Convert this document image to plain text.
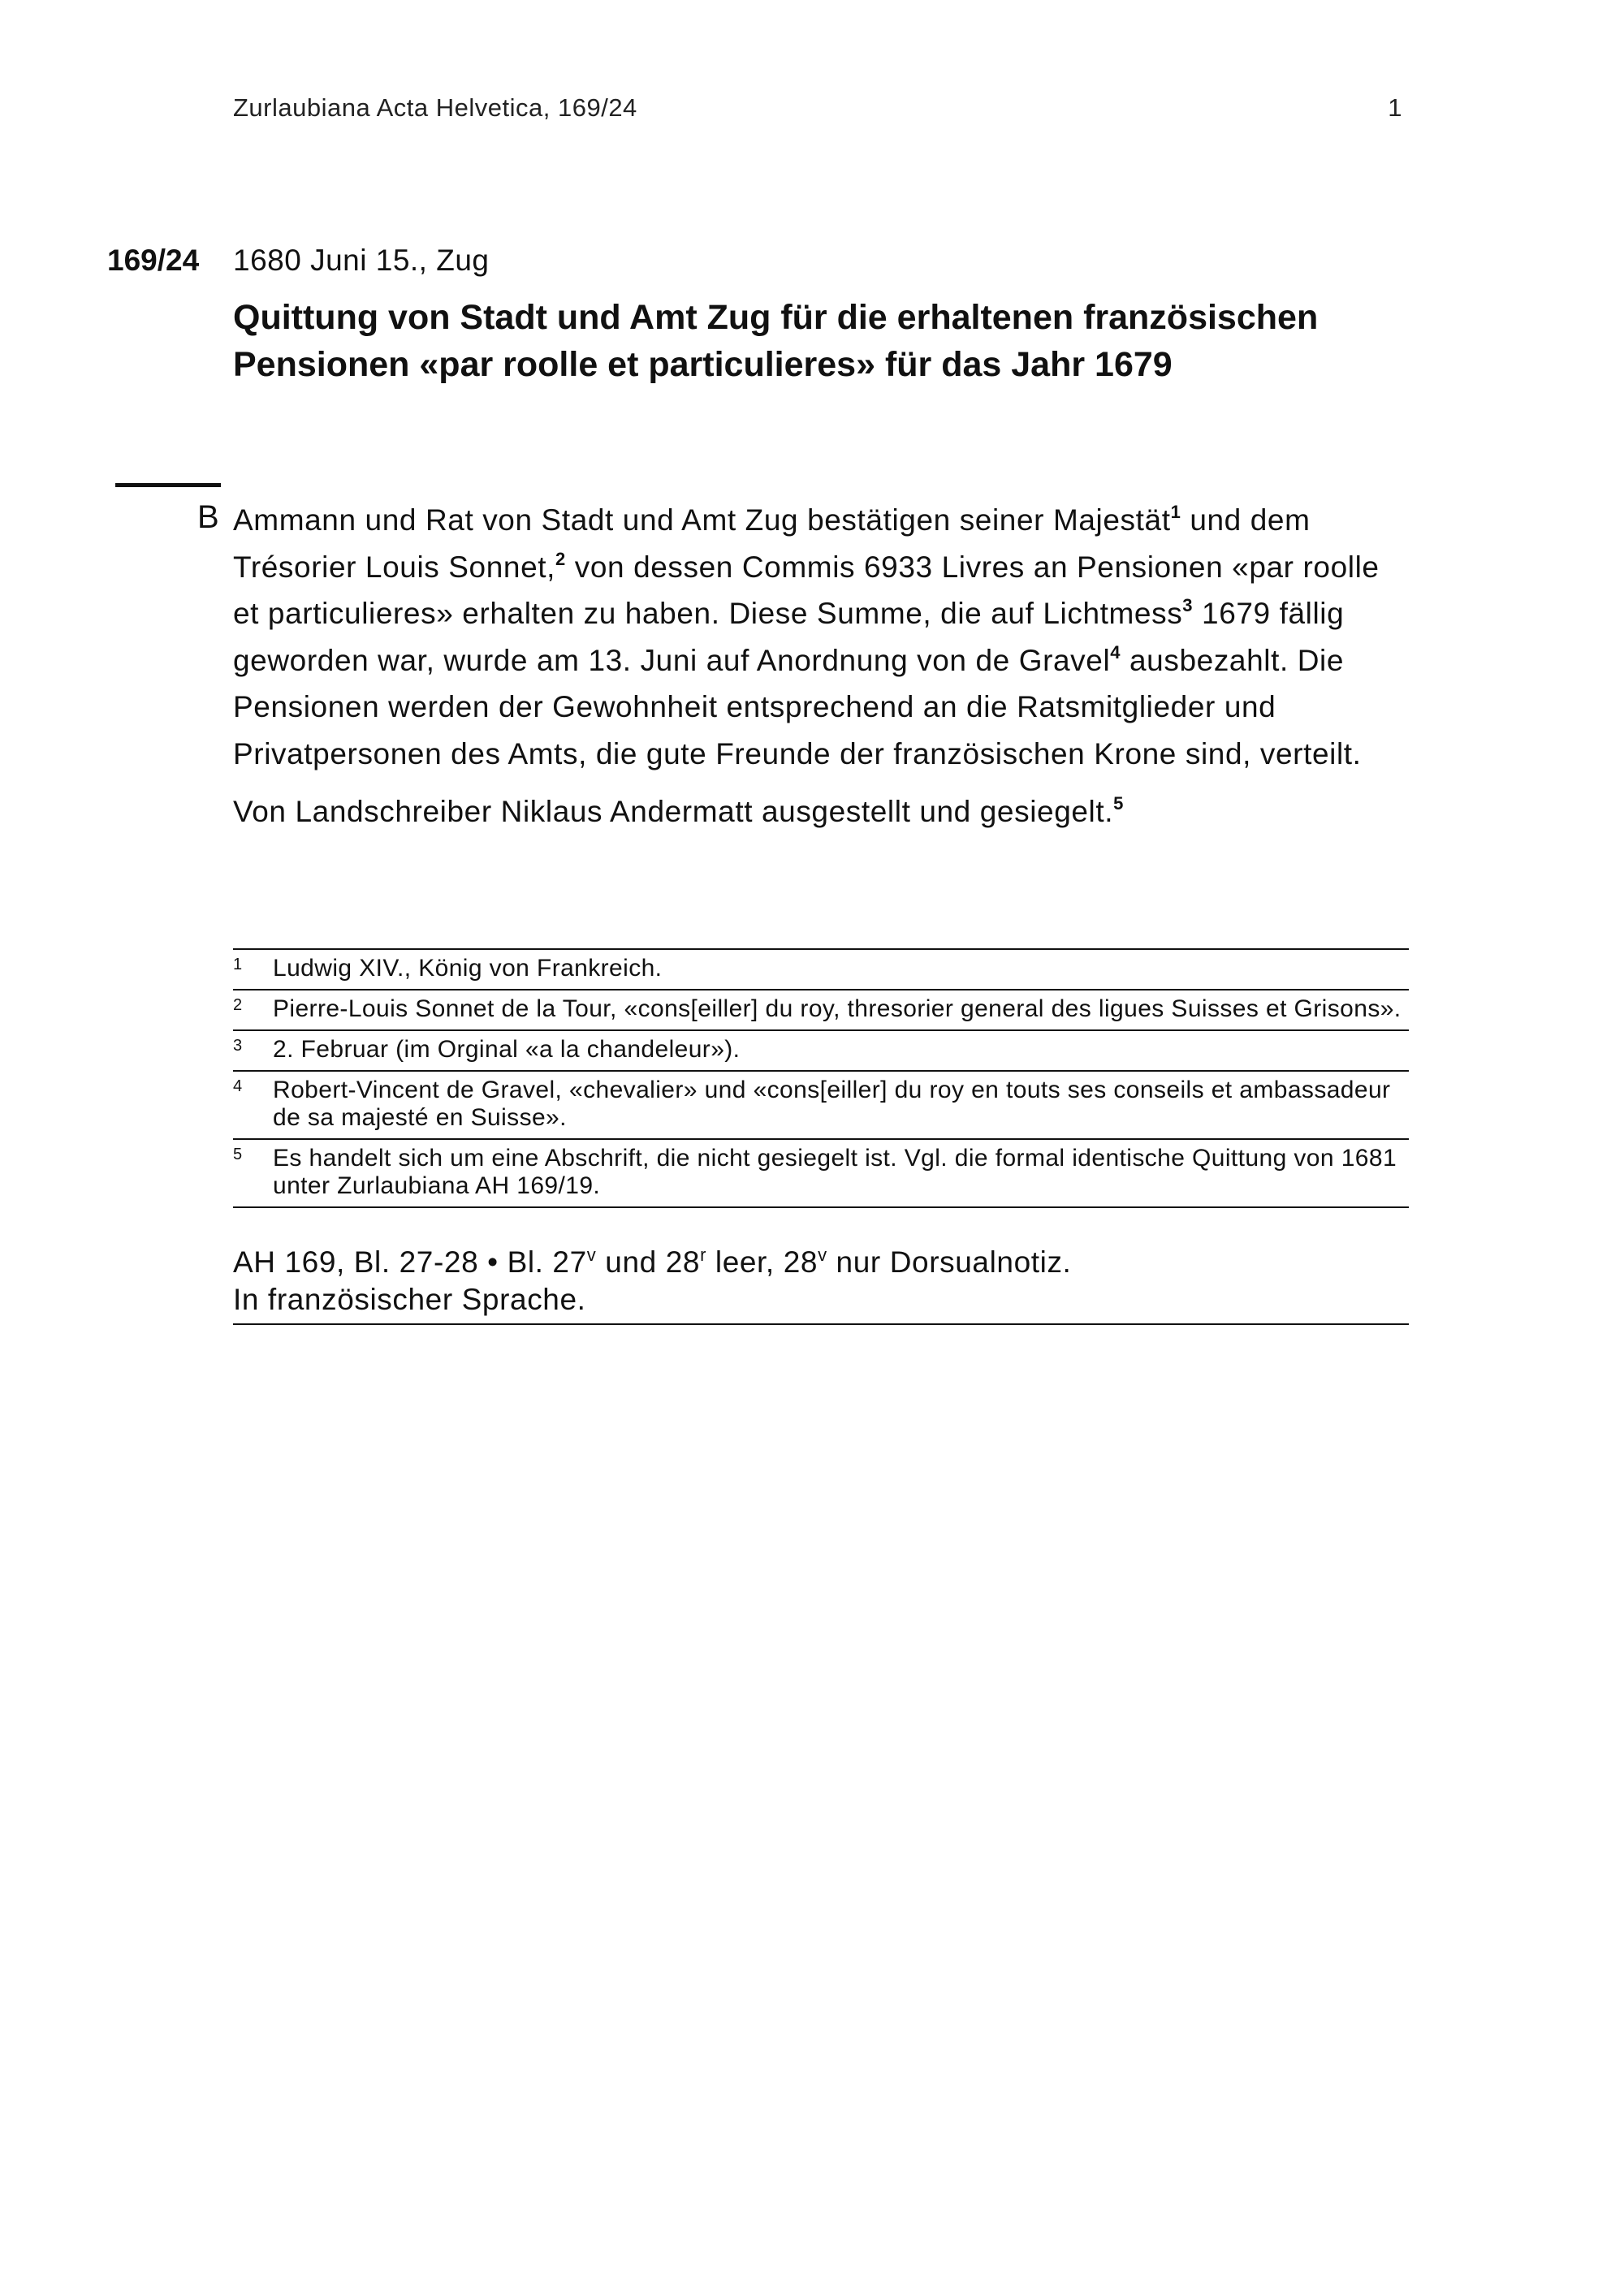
Zurlaubiana Acta Helvetica, 169/24	1
169/24 1680 Juni 15., Zug
Quittung von Stadt und Amt Zug für die erhaltenen französischen Pensionen «par roolle et particulieres» für das Jahr 1679
B Ammann und Rat von Stadt und Amt Zug bestätigen seiner Majestät$^1$ und dem Trésorier Louis Sonnet,$^2$ von dessen Commis 6933 Livres an Pensionen «par roolle et particulieres» erhalten zu haben. Diese Summe, die auf Lichtmess$^3$ 1679 fällig geworden war, wurde am 13. Juni auf Anordnung von de Gravel$^4$ ausbezahlt. Die Pensionen werden der Gewohnheit entsprechend an die Ratsmitglieder und Privatpersonen des Amts, die gute Freunde der französischen Krone sind, verteilt.

Von Landschreiber Niklaus Andermatt ausgestellt und gesiegelt.$^5$

1	Ludwig XIV., König von Frankreich.
2	Pierre-Louis Sonnet de la Tour, «cons[eiller] du roy, thresorier general des ligues Suisses et Grisons».
3	2. Februar (im Orginal «a la chandeleur»).
4	Robert-Vincent de Gravel, «chevalier» und «cons[eiller] du roy en touts ses conseils et ambassadeur de sa majesté en Suisse».
5	Es handelt sich um eine Abschrift, die nicht gesiegelt ist. Vgl. die formal identische Quittung von 1681 unter Zurlaubiana AH 169/19.
AH 169, Bl. 27-28 • Bl. 27$^v$ und 28$^r$ leer, 28$^v$ nur Dorsualnotiz.
In französischer Sprache.
